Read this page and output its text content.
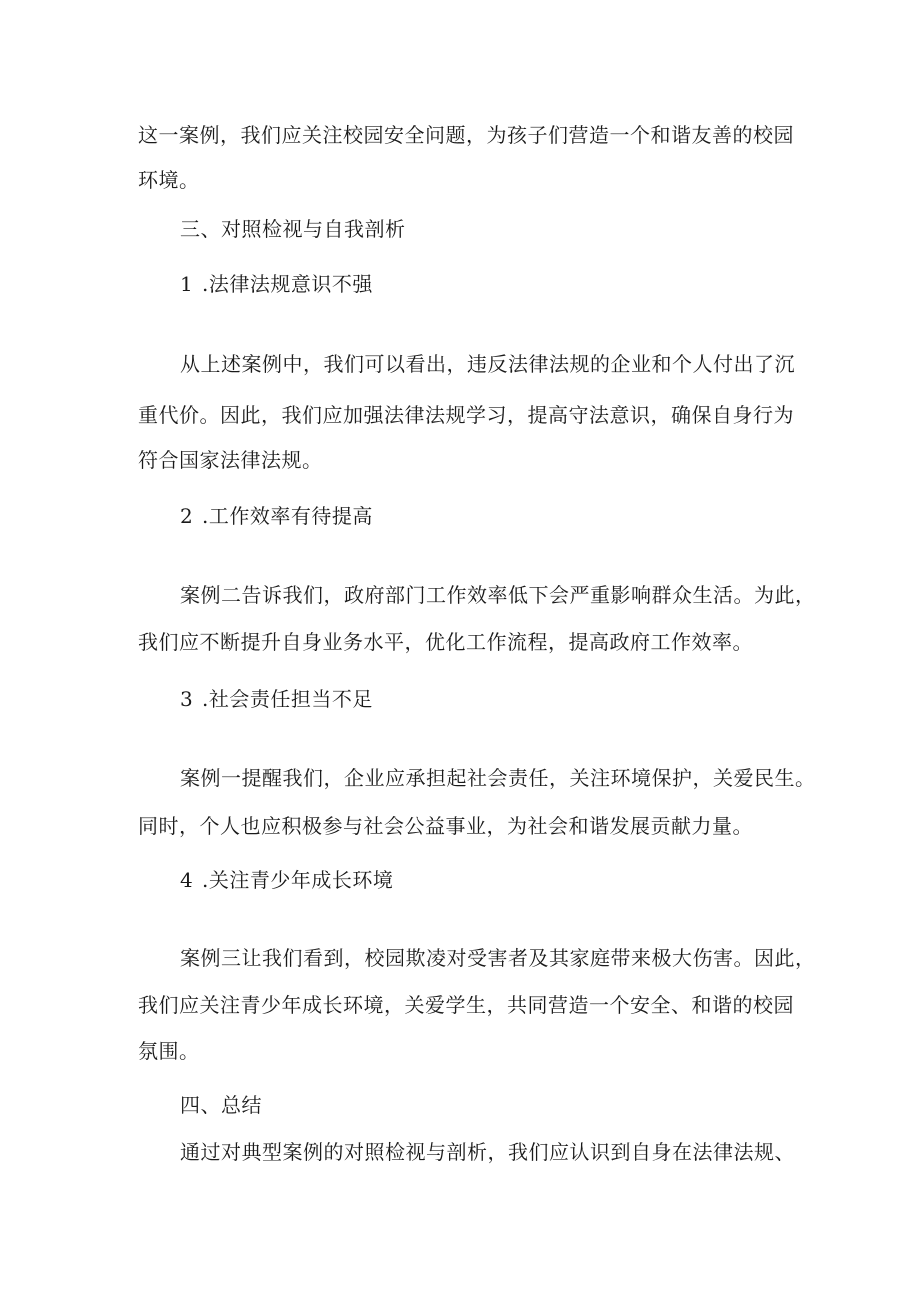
这一案例，我们应关注校园安全问题，为孩子们营造一个和谐友善的校园
环境。
三、对照检视与自我剖析
1 .法律法规意识不强
从上述案例中，我们可以看出，违反法律法规的企业和个人付出了沉
重代价。因此，我们应加强法律法规学习，提高守法意识，确保自身行为
符合国家法律法规。
2 .工作效率有待提高
案例二告诉我们，政府部门工作效率低下会严重影响群众生活。为此，
我们应不断提升自身业务水平，优化工作流程，提高政府工作效率。
3 .社会责任担当不足
案例一提醒我们，企业应承担起社会责任，关注环境保护，关爱民生。
同时，个人也应积极参与社会公益事业，为社会和谐发展贡献力量。
4 .关注青少年成长环境
案例三让我们看到，校园欺凌对受害者及其家庭带来极大伤害。因此，
我们应关注青少年成长环境，关爱学生，共同营造一个安全、和谐的校园
氛围。
四、总结
通过对典型案例的对照检视与剖析，我们应认识到自身在法律法规、
